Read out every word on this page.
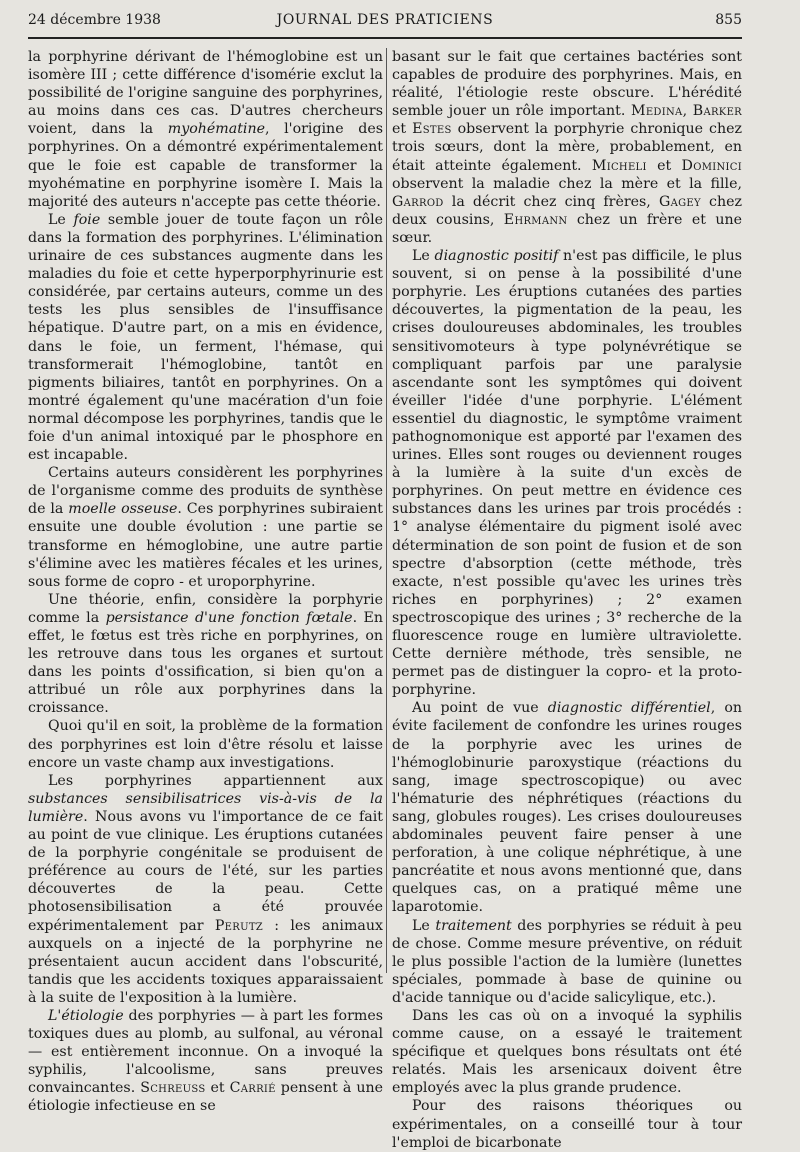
24 décembre 1938	JOURNAL DES PRATICIENS	855

la porphyrine dérivant de l'hémoglobine est un isomère III ; cette différence d'isomérie exclut la possibilité de l'origine sanguine des porphyrines, au moins dans ces cas. D'autres chercheurs voient, dans la myohématine, l'origine des porphyrines. On a démontré expérimentalement que le foie est capable de transformer la myohématine en porphyrine isomère I. Mais la majorité des auteurs n'accepte pas cette théorie.

Le foie semble jouer de toute façon un rôle dans la formation des porphyrines. L'élimination urinaire de ces substances augmente dans les maladies du foie et cette hyperporphyrinurie est considérée, par certains auteurs, comme un des tests les plus sensibles de l'insuffisance hépatique. D'autre part, on a mis en évidence, dans le foie, un ferment, l'hémase, qui transformerait l'hémoglobine, tantôt en pigments biliaires, tantôt en porphyrines. On a montré également qu'une macération d'un foie normal décompose les porphyrines, tandis que le foie d'un animal intoxiqué par le phosphore en est incapable.

Certains auteurs considèrent les porphyrines de l'organisme comme des produits de synthèse de la moelle osseuse. Ces porphyrines subiraient ensuite une double évolution : une partie se transforme en hémoglobine, une autre partie s'élimine avec les matières fécales et les urines, sous forme de copro - et uroporphyrine.

Une théorie, enfin, considère la porphyrie comme la persistance d'une fonction fœtale. En effet, le fœtus est très riche en porphyrines, on les retrouve dans tous les organes et surtout dans les points d'ossification, si bien qu'on a attribué un rôle aux porphyrines dans la croissance.

Quoi qu'il en soit, la problème de la formation des porphyrines est loin d'être résolu et laisse encore un vaste champ aux investigations.

Les porphyrines appartiennent aux substances sensibilisatrices vis-à-vis de la lumière. Nous avons vu l'importance de ce fait au point de vue clinique. Les éruptions cutanées de la porphyrie congénitale se produisent de préférence au cours de l'été, sur les parties découvertes de la peau. Cette photosensibilisation a été prouvée expérimentalement par Perutz : les animaux auxquels on a injecté de la porphyrine ne présentaient aucun accident dans l'obscurité, tandis que les accidents toxiques apparaissaient à la suite de l'exposition à la lumière.

L'étiologie des porphyries — à part les formes toxiques dues au plomb, au sulfonal, au véronal — est entièrement inconnue. On a invoqué la syphilis, l'alcoolisme, sans preuves convaincantes. Schreuss et Carrié pensent à une étiologie infectieuse en se

basant sur le fait que certaines bactéries sont capables de produire des porphyrines. Mais, en réalité, l'étiologie reste obscure. L'hérédité semble jouer un rôle important. Medina, Barker et Estes observent la porphyrie chronique chez trois sœurs, dont la mère, probablement, en était atteinte également. Micheli et Dominici observent la maladie chez la mère et la fille, Garrod la décrit chez cinq frères, Gagey chez deux cousins, Ehrmann chez un frère et une sœur.

Le diagnostic positif n'est pas difficile, le plus souvent, si on pense à la possibilité d'une porphyrie. Les éruptions cutanées des parties découvertes, la pigmentation de la peau, les crises douloureuses abdominales, les troubles sensitivomoteurs à type polynévrétique se compliquant parfois par une paralysie ascendante sont les symptômes qui doivent éveiller l'idée d'une porphyrie. L'élément essentiel du diagnostic, le symptôme vraiment pathognomonique est apporté par l'examen des urines. Elles sont rouges ou deviennent rouges à la lumière à la suite d'un excès de porphyrines. On peut mettre en évidence ces substances dans les urines par trois procédés : 1° analyse élémentaire du pigment isolé avec détermination de son point de fusion et de son spectre d'absorption (cette méthode, très exacte, n'est possible qu'avec les urines très riches en porphyrines) ; 2° examen spectroscopique des urines ; 3° recherche de la fluorescence rouge en lumière ultraviolette. Cette dernière méthode, très sensible, ne permet pas de distinguer la copro- et la proto-porphyrine.

Au point de vue diagnostic différentiel, on évite facilement de confondre les urines rouges de la porphyrie avec les urines de l'hémoglobinurie paroxystique (réactions du sang, image spectroscopique) ou avec l'hématurie des néphrétiques (réactions du sang, globules rouges). Les crises douloureuses abdominales peuvent faire penser à une perforation, à une colique néphrétique, à une pancréatite et nous avons mentionné que, dans quelques cas, on a pratiqué même une laparotomie.

Le traitement des porphyries se réduit à peu de chose. Comme mesure préventive, on réduit le plus possible l'action de la lumière (lunettes spéciales, pommade à base de quinine ou d'acide tannique ou d'acide salicylique, etc.).

Dans les cas où on a invoqué la syphilis comme cause, on a essayé le traitement spécifique et quelques bons résultats ont été relatés. Mais les arsenicaux doivent être employés avec la plus grande prudence.

Pour des raisons théoriques ou expérimentales, on a conseillé tour à tour l'emploi de bicarbonate
